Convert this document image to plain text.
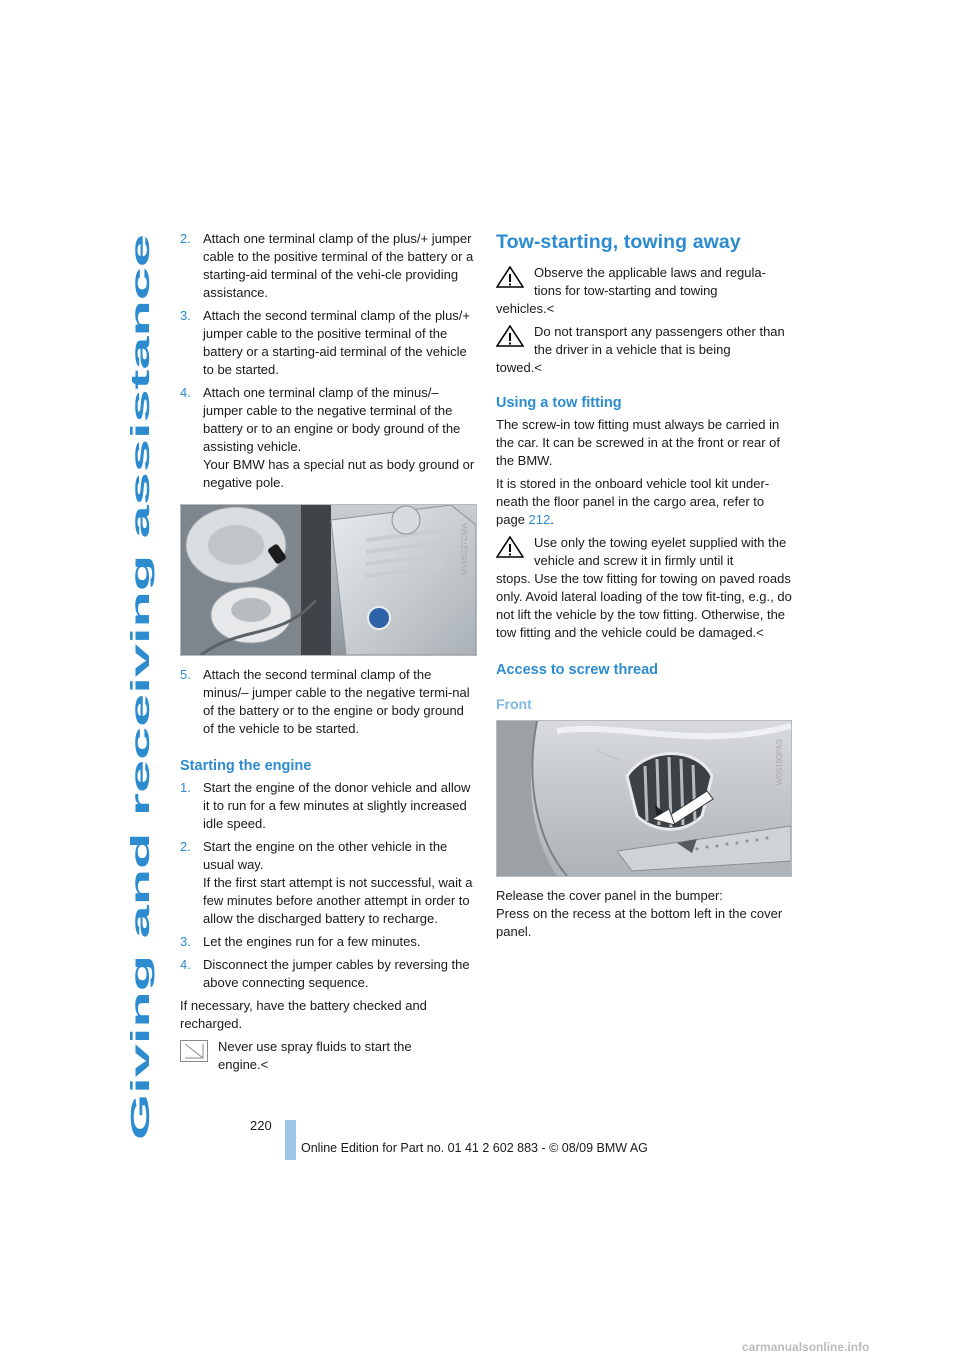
Giving and receiving assistance
2. Attach one terminal clamp of the plus/+ jumper cable to the positive terminal of the battery or a starting-aid terminal of the vehi-cle providing assistance.
3. Attach the second terminal clamp of the plus/+ jumper cable to the positive terminal of the battery or a starting-aid terminal of the vehicle to be started.
4. Attach one terminal clamp of the minus/– jumper cable to the negative terminal of the battery or to an engine or body ground of the assisting vehicle.
Your BMW has a special nut as body ground or negative pole.
MV00227CMA
5. Attach the second terminal clamp of the minus/– jumper cable to the negative termi-nal of the battery or to the engine or body ground of the vehicle to be started.
Starting the engine
1. Start the engine of the donor vehicle and allow it to run for a few minutes at slightly increased idle speed.
2. Start the engine on the other vehicle in the usual way.
If the first start attempt is not successful, wait a few minutes before another attempt in order to allow the discharged battery to recharge.
3. Let the engines run for a few minutes.
4. Disconnect the jumper cables by reversing the above connecting sequence.

If necessary, have the battery checked and recharged.

Never use spray fluids to start the
engine.<
Tow-starting, towing away
Observe the applicable laws and regula-tions for tow-starting and towing
vehicles.<
Do not transport any passengers other than the driver in a vehicle that is being
towed.<
Using a tow fitting

The screw-in tow fitting must always be carried in the car. It can be screwed in at the front or rear of the BMW.

It is stored in the onboard vehicle tool kit under-neath the floor panel in the cargo area, refer to page 212.

Use only the towing eyelet supplied with the vehicle and screw it in firmly until it
stops. Use the tow fitting for towing on paved roads only. Avoid lateral loading of the tow fit-ting, e.g., do not lift the vehicle by the tow fitting. Otherwise, the tow fitting and the vehicle could be damaged.<
Access to screw thread
Front
W0S190PAS

Release the cover panel in the bumper:

Press on the recess at the bottom left in the cover panel.

220
Online Edition for Part no. 01 41 2 602 883 - © 08/09 BMW AG
carmanualsonline.info
